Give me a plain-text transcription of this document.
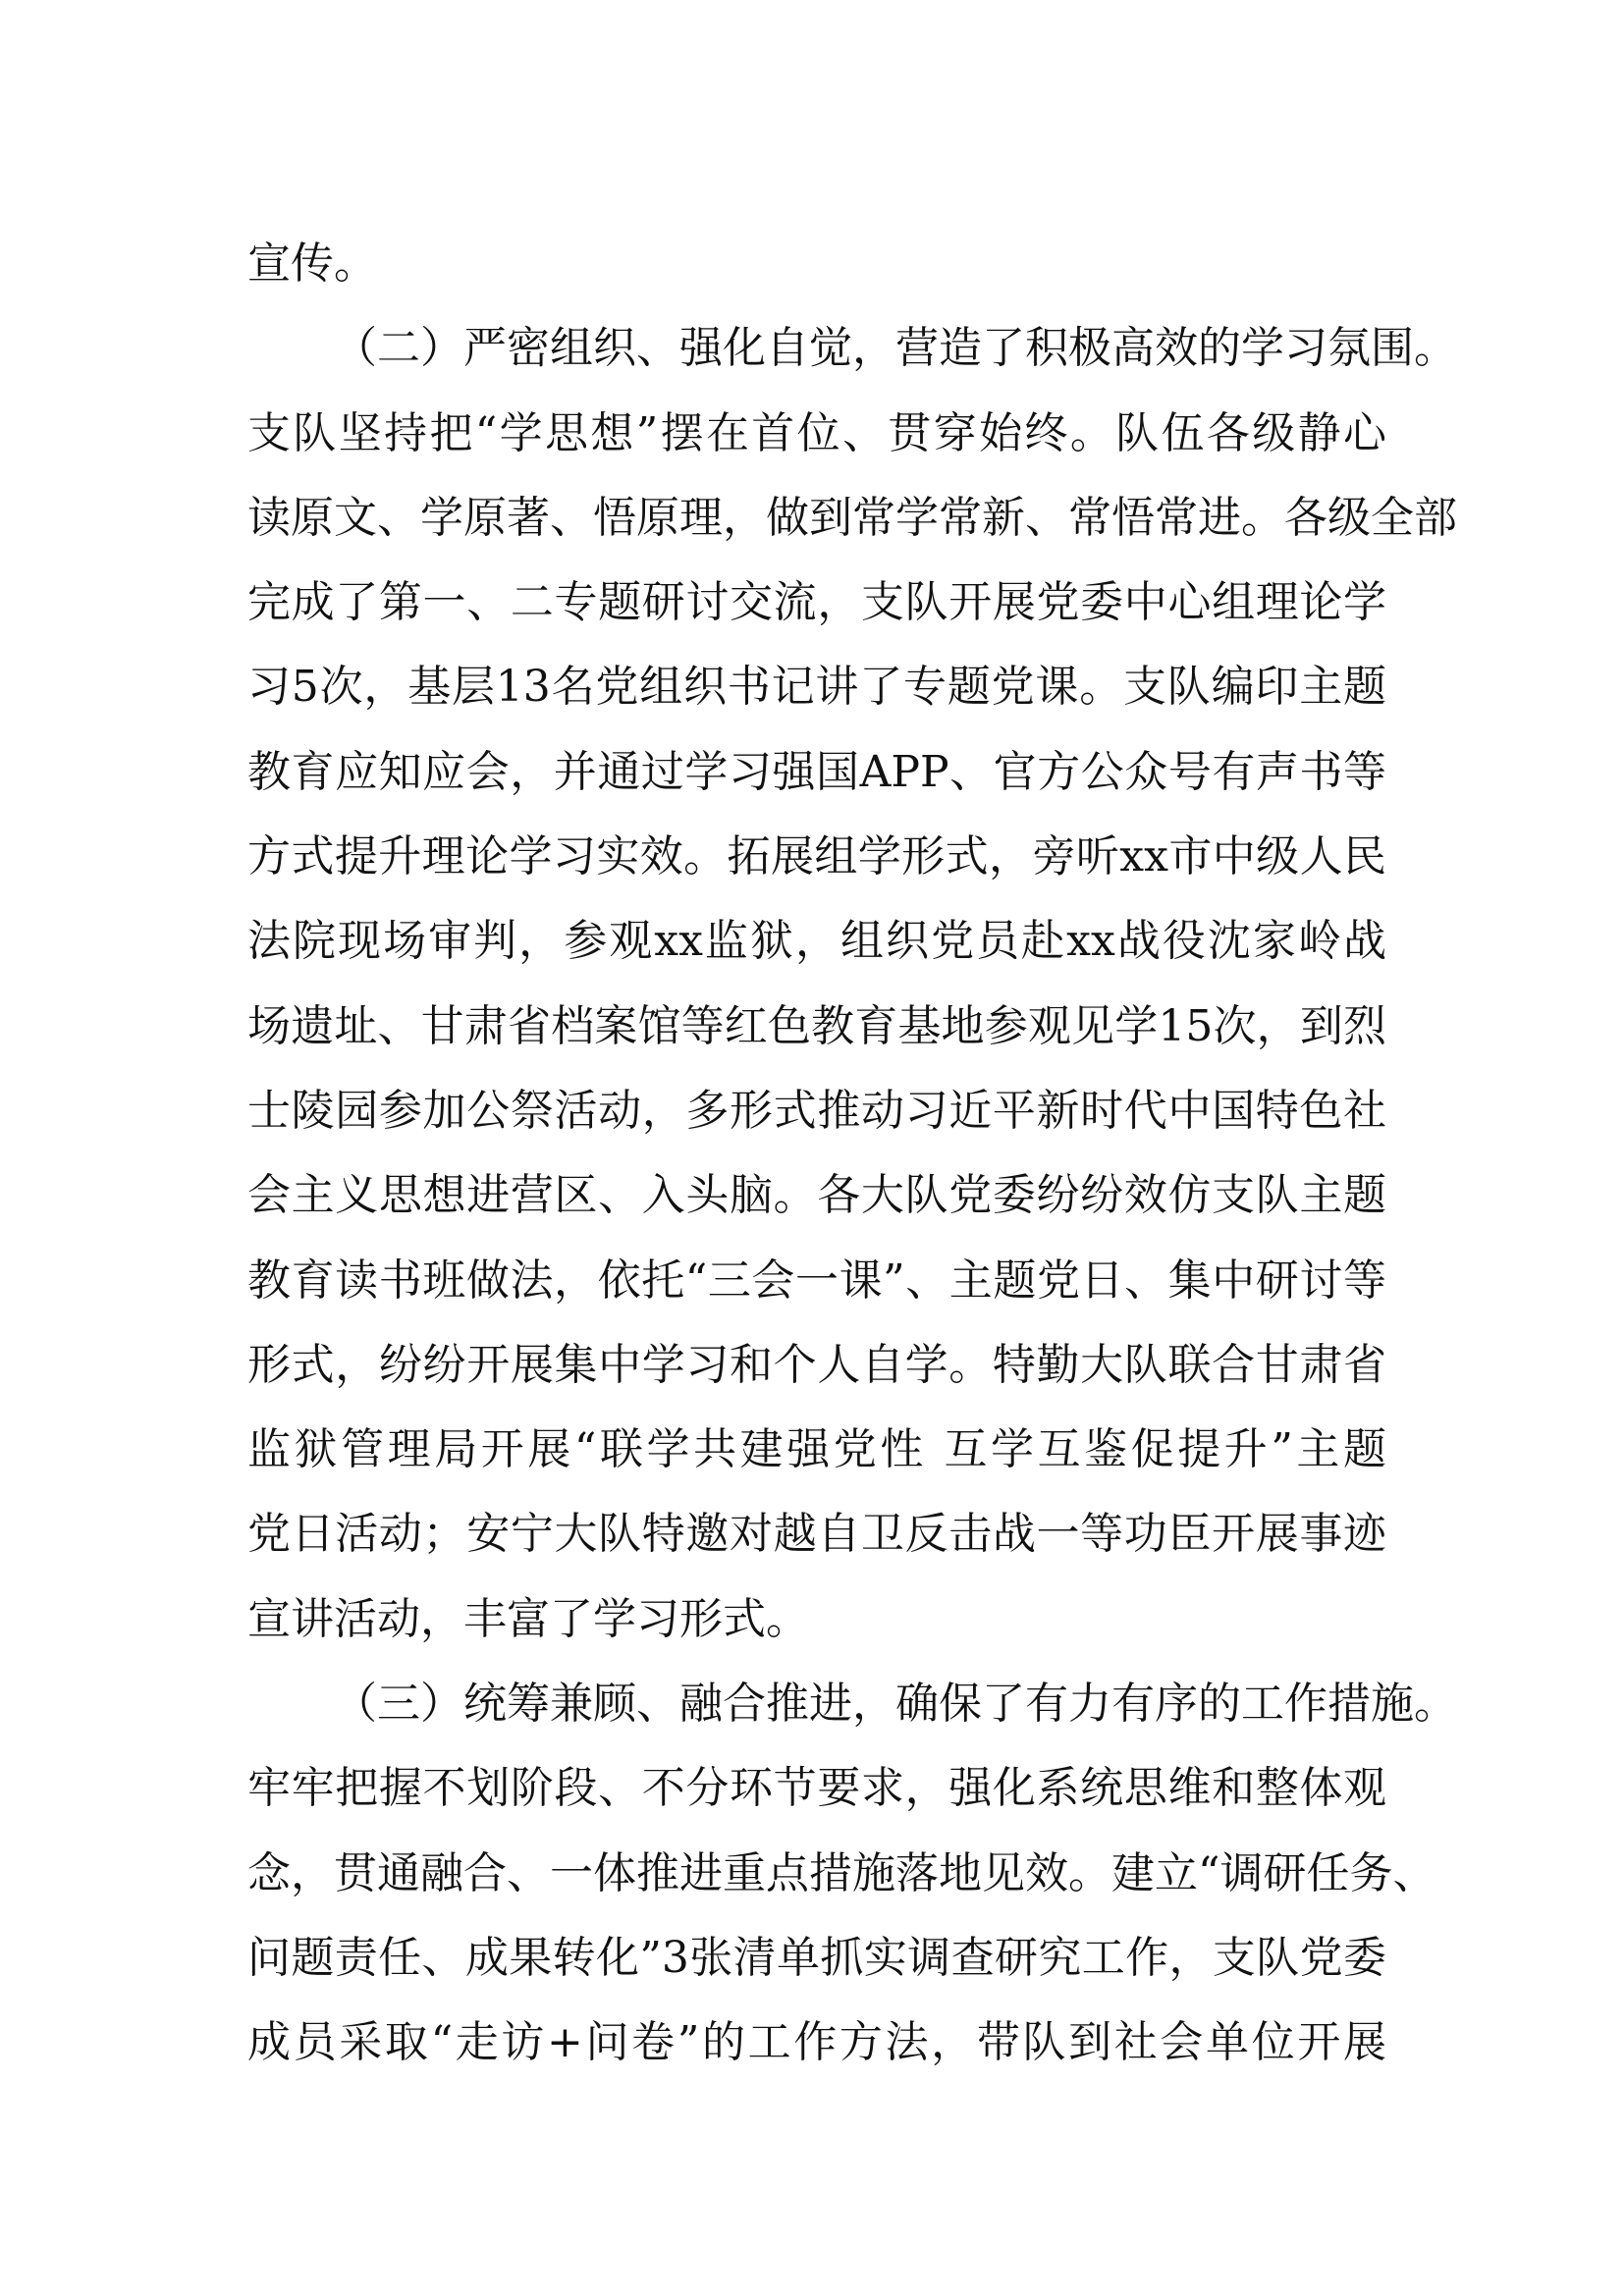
宣传。
（二）严密组织、强化自觉，营造了积极高效的学习氛围。
支队坚持把“学思想”摆在首位、贯穿始终。队伍各级静心
读原文、学原著、悟原理，做到常学常新、常悟常进。各级全部
完成了第一、二专题研讨交流，支队开展党委中心组理论学
习5次，基层13名党组织书记讲了专题党课。支队编印主题
教育应知应会，并通过学习强国APP、官方公众号有声书等
方式提升理论学习实效。拓展组学形式，旁听xx市中级人民
法院现场审判，参观xx监狱，组织党员赴xx战役沈家岭战
场遗址、甘肃省档案馆等红色教育基地参观见学15次，到烈
士陵园参加公祭活动，多形式推动习近平新时代中国特色社
会主义思想进营区、入头脑。各大队党委纷纷效仿支队主题
教育读书班做法，依托“三会一课”、主题党日、集中研讨等
形式，纷纷开展集中学习和个人自学。特勤大队联合甘肃省
监狱管理局开展“联学共建强党性 互学互鉴促提升”主题
党日活动；安宁大队特邀对越自卫反击战一等功臣开展事迹
宣讲活动，丰富了学习形式。
（三）统筹兼顾、融合推进，确保了有力有序的工作措施。
牢牢把握不划阶段、不分环节要求，强化系统思维和整体观
念，贯通融合、一体推进重点措施落地见效。建立“调研任务、
问题责任、成果转化”3张清单抓实调查研究工作，支队党委
成员采取“走访+问卷”的工作方法，带队到社会单位开展
